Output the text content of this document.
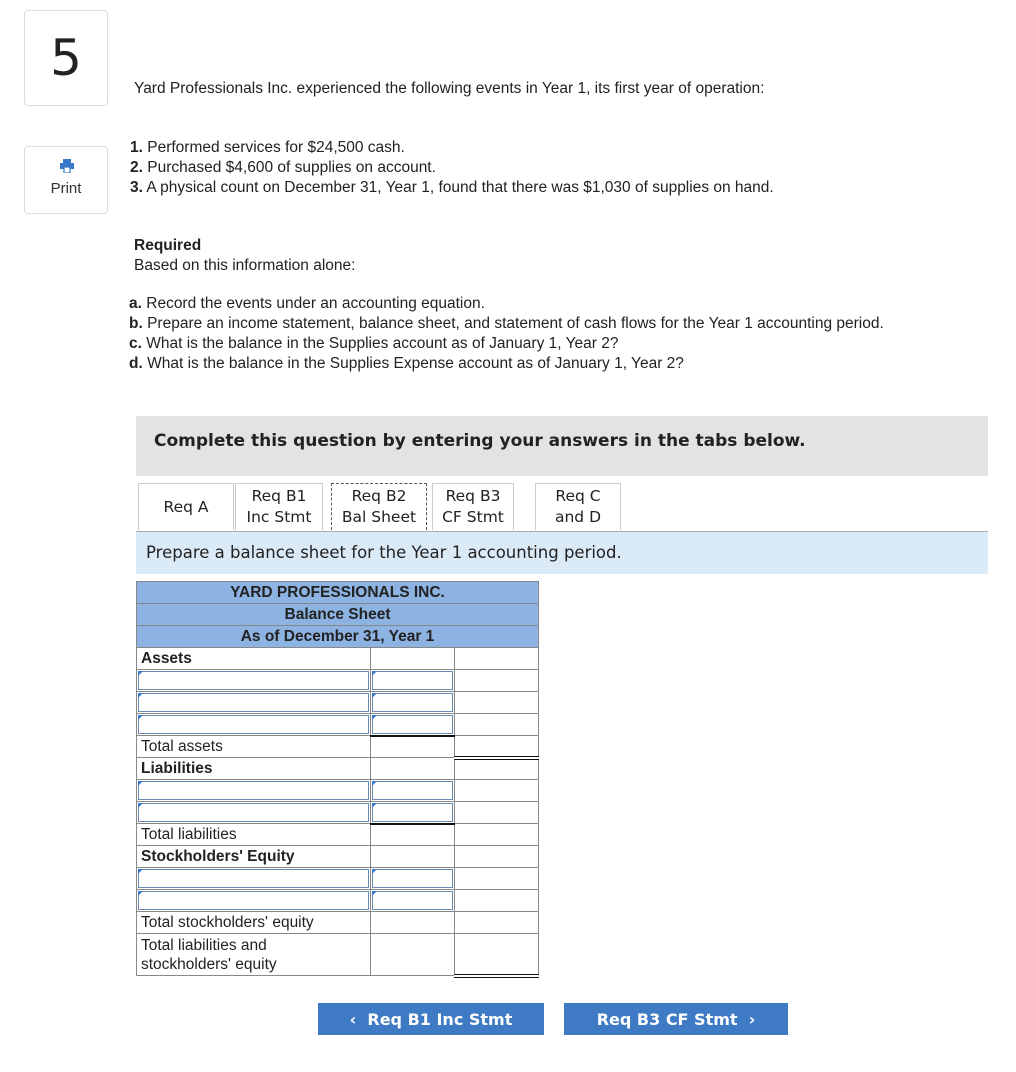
5
Print
Yard Professionals Inc. experienced the following events in Year 1, its first year of operation:
1. Performed services for $24,500 cash.
2. Purchased $4,600 of supplies on account.
3. A physical count on December 31, Year 1, found that there was $1,030 of supplies on hand.
Required
Based on this information alone:
a. Record the events under an accounting equation.
b. Prepare an income statement, balance sheet, and statement of cash flows for the Year 1 accounting period.
c. What is the balance in the Supplies account as of January 1, Year 2?
d. What is the balance in the Supplies Expense account as of January 1, Year 2?
Complete this question by entering your answers in the tabs below.
Req A
Req B1
Inc Stmt
Req B2
Bal Sheet
Req B3
CF Stmt
Req C
and D
Prepare a balance sheet for the Year 1 accounting period.
YARD PROFESSIONALS INC.		
Balance Sheet		
As of December 31, Year 1		
Assets		

Total assets		
Liabilities		

Total liabilities		
Stockholders' Equity		

Total stockholders' equity		
Total liabilities and
stockholders' equity		
‹ Req B1 Inc Stmt	Req B3 CF Stmt ›
